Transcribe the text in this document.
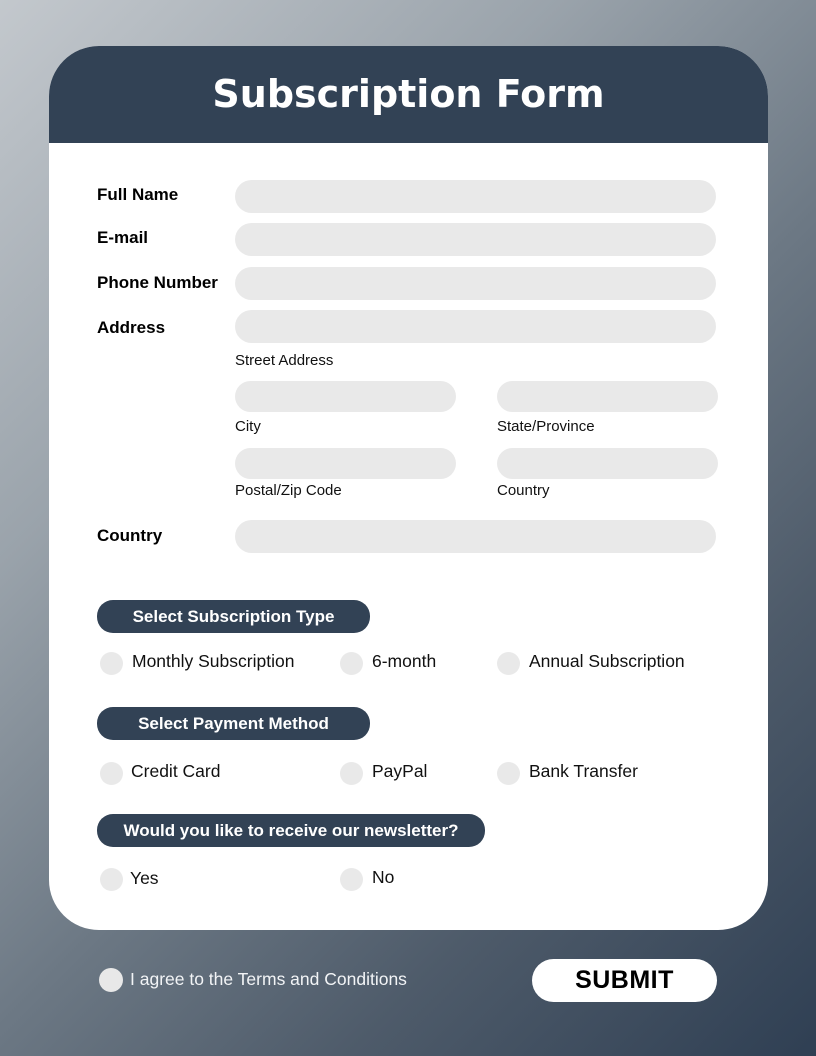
Subscription Form
Full Name
E-mail
Phone Number
Address
Street Address
City	State/Province
Postal/Zip Code	Country
Country
Select Subscription Type
Monthly Subscription	6-month	Annual Subscription
Select Payment Method
Credit Card	PayPal	Bank Transfer
Would you like to receive our newsletter?
Yes	No
I agree to the Terms and Conditions	SUBMIT
